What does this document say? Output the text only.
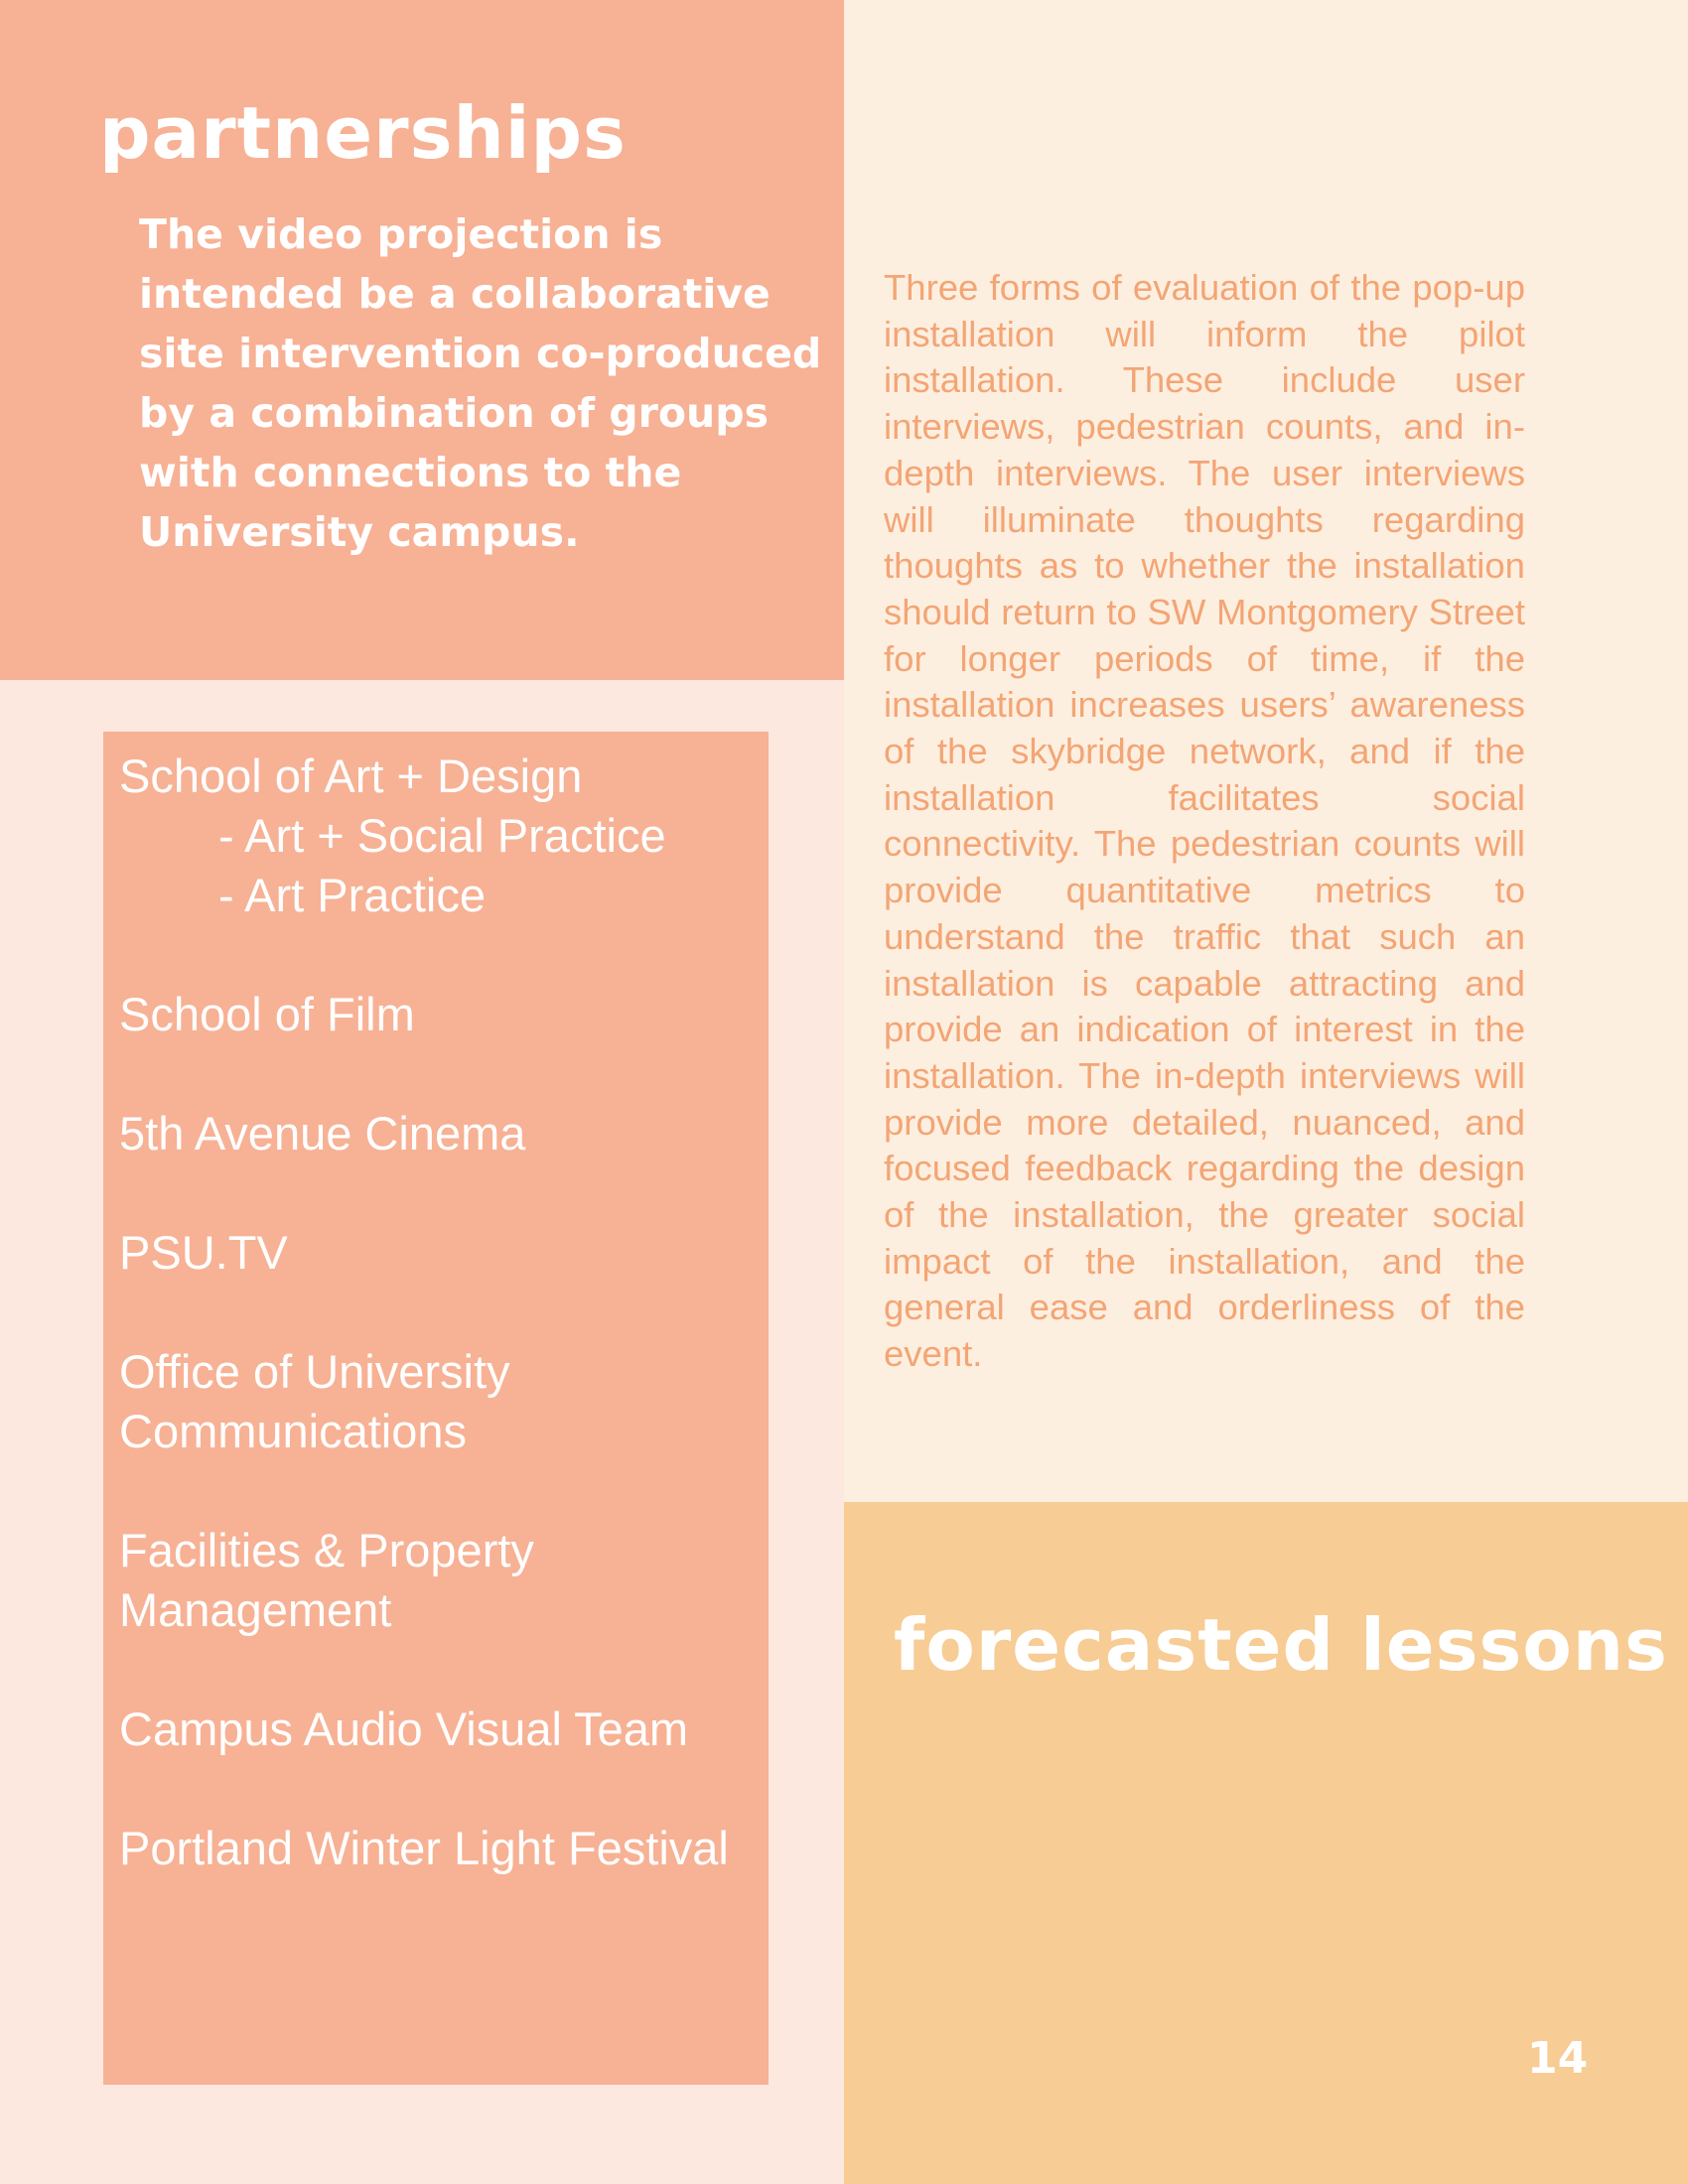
partnerships

The video projection is intended be a collaborative site intervention co-produced by a combination of groups with connections to the University campus.

School of Art + Design
- Art + Social Practice
- Art Practice
School of Film
5th Avenue Cinema
PSU.TV
Office of University Communications
Facilities & Property Management
Campus Audio Visual Team
Portland Winter Light Festival

Three forms of evaluation of the pop-up installation will inform the pilot installation. These include user interviews, pedestrian counts, and in-depth interviews. The user interviews will illuminate thoughts regarding thoughts as to whether the installation should return to SW Montgomery Street for longer periods of time, if the installation increases users’ awareness of the skybridge network, and if the installation facilitates social connectivity. The pedestrian counts will provide quantitative metrics to understand the traffic that such an installation is capable attracting and provide an indication of interest in the installation. The in-depth interviews will provide more detailed, nuanced, and focused feedback regarding the design of the installation, the greater social impact of the installation, and the general ease and orderliness of the event.

forecasted lessons

14
